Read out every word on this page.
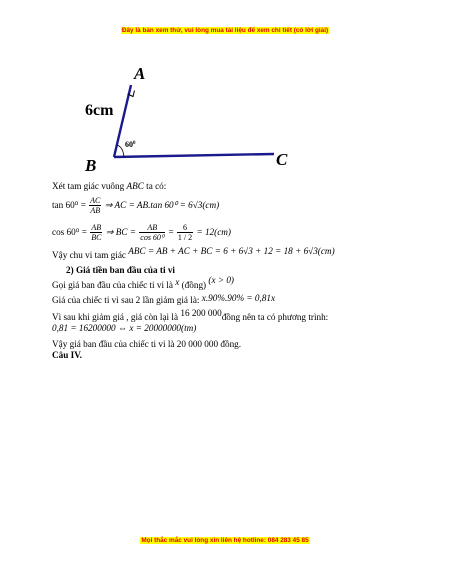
Đây là bản xem thử, vui lòng mua tài liệu để xem chi tiết (có lời giải)
A
6cm
$60^0$
B	C
Xét tam giác vuông ABC ta có:
$\tan 60^0 = \frac{AC}{AB}$ ⇒ AC = AB.tan 60⁰ = 6√3(cm)
$\cos 60^0 = \frac{AB}{BC}$ ⇒ BC = $\frac{AB}{\text{cos 60⁰}} = \frac{6}{1 / 2} = 12(cm)$
Vậy chu vi tam giác ABC = AB + AC + BC = 6 + 6√3 + 12 = 18 + 6√3(cm)
2) Giá tiền ban đầu của ti vi
Gọi giá ban đầu của chiếc ti vi là x (đồng) (x > 0)
Giá của chiếc ti vì sau 2 lần giảm giá là: x.90%.90% = 0,81x
Vì sau khi giảm giá , giá còn lại là 16 200 000đồng nên ta có phương trình:
0,81 = 16200000 ⇔ x = 20000000(tm)
Vậy giá ban đầu của chiếc ti vi là 20 000 000 đồng.
Câu IV.
Mọi thắc mắc vui lòng xin liên hệ hotline: 084 283 45 85
